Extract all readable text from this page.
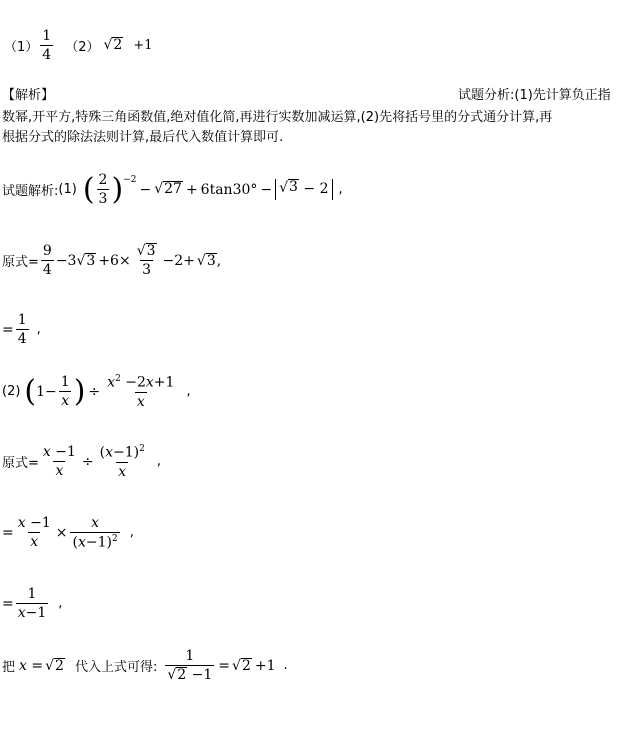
$(1) \frac{1}{4} (2)$ √ 2 +1
【解析】	试题分析:(1)先计算负正指
数幂,开平方,特殊三角函数值,绝对值化简,再进行实数加减运算,(2)先将括号里的分式通分计算,再
根据分式的除法法则计算,最后代入数值计算即可.
试题解析: (1) ( $\frac{2}{3}$ ) −2
− √ 27 + 6tan30° − √ 3 − 2 ,
原式= $\frac{9}{4} -3$ √ $3 +6\times \frac{√ 3}{3} -2+$ √ 3 ,
= $\frac{1}{4}$ ,
(2) ( $1- \frac{1}{x}$ ) ÷ $\frac{x^2 -2x+1}{x}$ ,
原式= $\frac{x -1}{x} \div \frac{(x-1)^2}{x}$ ,
= $\frac{x -1}{x} \times \frac{x}{(x-1)^2}$ ,
= $\frac{1}{x-1}$ ,
把 x = √ 2 代入上式可得: $\frac{1}{√ 2 -1}$ = √ 2 +1 .
